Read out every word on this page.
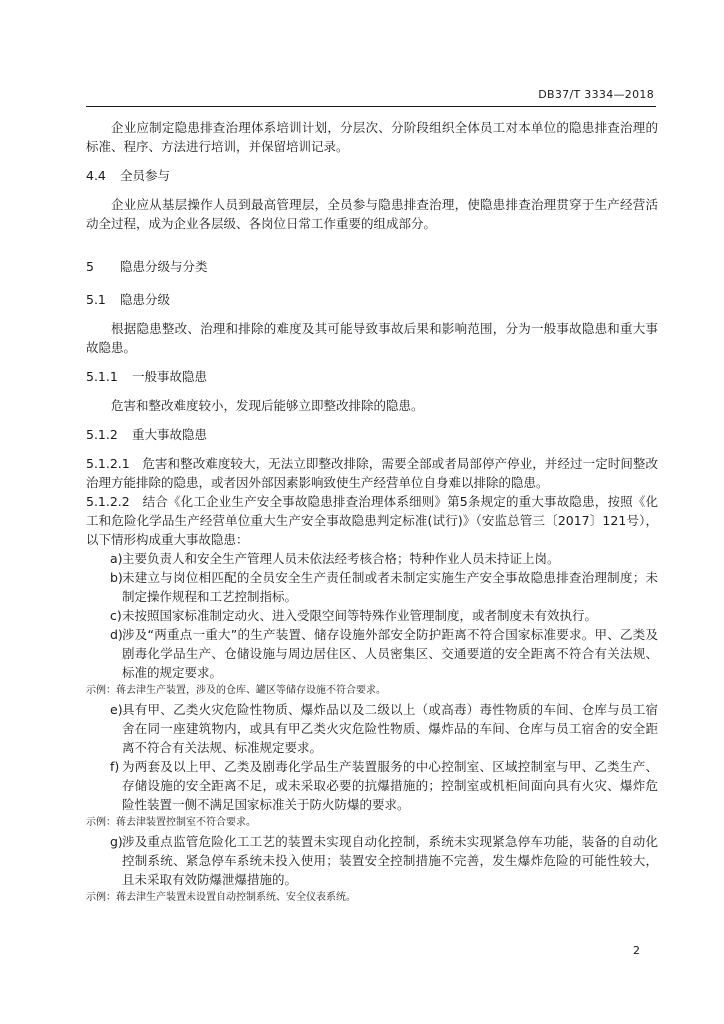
DB37/T 3334—2018

企业应制定隐患排查治理体系培训计划，分层次、分阶段组织全体员工对本单位的隐患排查治理的标准、程序、方法进行培训，并保留培训记录。

4.4	全员参与

企业应从基层操作人员到最高管理层，全员参与隐患排查治理，使隐患排查治理贯穿于生产经营活动全过程，成为企业各层级、各岗位日常工作重要的组成部分。

5	隐患分级与分类

5.1	隐患分级

根据隐患整改、治理和排除的难度及其可能导致事故后果和影响范围，分为一般事故隐患和重大事故隐患。

5.1.1	一般事故隐患

危害和整改难度较小，发现后能够立即整改排除的隐患。

5.1.2	重大事故隐患

5.1.2.1　危害和整改难度较大，无法立即整改排除，需要全部或者局部停产停业，并经过一定时间整改治理方能排除的隐患，或者因外部因素影响致使生产经营单位自身难以排除的隐患。

5.1.2.2　结合《化工企业生产安全事故隐患排查治理体系细则》第5条规定的重大事故隐患，按照《化工和危险化学品生产经营单位重大生产安全事故隐患判定标准(试行)》（安监总管三〔2017〕121号），以下情形构成重大事故隐患：

a) 主要负责人和安全生产管理人员未依法经考核合格；特种作业人员未持证上岗。
b) 未建立与岗位相匹配的全员安全生产责任制或者未制定实施生产安全事故隐患排查治理制度；未制定操作规程和工艺控制指标。
c) 未按照国家标准制定动火、进入受限空间等特殊作业管理制度，或者制度未有效执行。
d) 涉及“两重点一重大”的生产装置、储存设施外部安全防护距离不符合国家标准要求。甲、乙类及剧毒化学品生产、仓储设施与周边居住区、人员密集区、交通要道的安全距离不符合有关法规、标准的规定要求。

示例：蒋去津生产装置，涉及的仓库、罐区等储存设施不符合要求。

e) 具有甲、乙类火灾危险性物质、爆炸品以及二级以上（或高毒）毒性物质的车间、仓库与员工宿舍在同一座建筑物内，或具有甲乙类火灾危险性物质、爆炸品的车间、仓库与员工宿舍的安全距离不符合有关法规、标准规定要求。
f) 为两套及以上甲、乙类及剧毒化学品生产装置服务的中心控制室、区域控制室与甲、乙类生产、存储设施的安全距离不足，或未采取必要的抗爆措施的；控制室或机柜间面向具有火灾、爆炸危险性装置一侧不满足国家标准关于防火防爆的要求。

示例：蒋去津装置控制室不符合要求。

g) 涉及重点监管危险化工工艺的装置未实现自动化控制，系统未实现紧急停车功能，装备的自动化控制系统、紧急停车系统未投入使用；装置安全控制措施不完善，发生爆炸危险的可能性较大，且未采取有效防爆泄爆措施的。

示例：蒋去津生产装置未设置自动控制系统、安全仪表系统。

2
